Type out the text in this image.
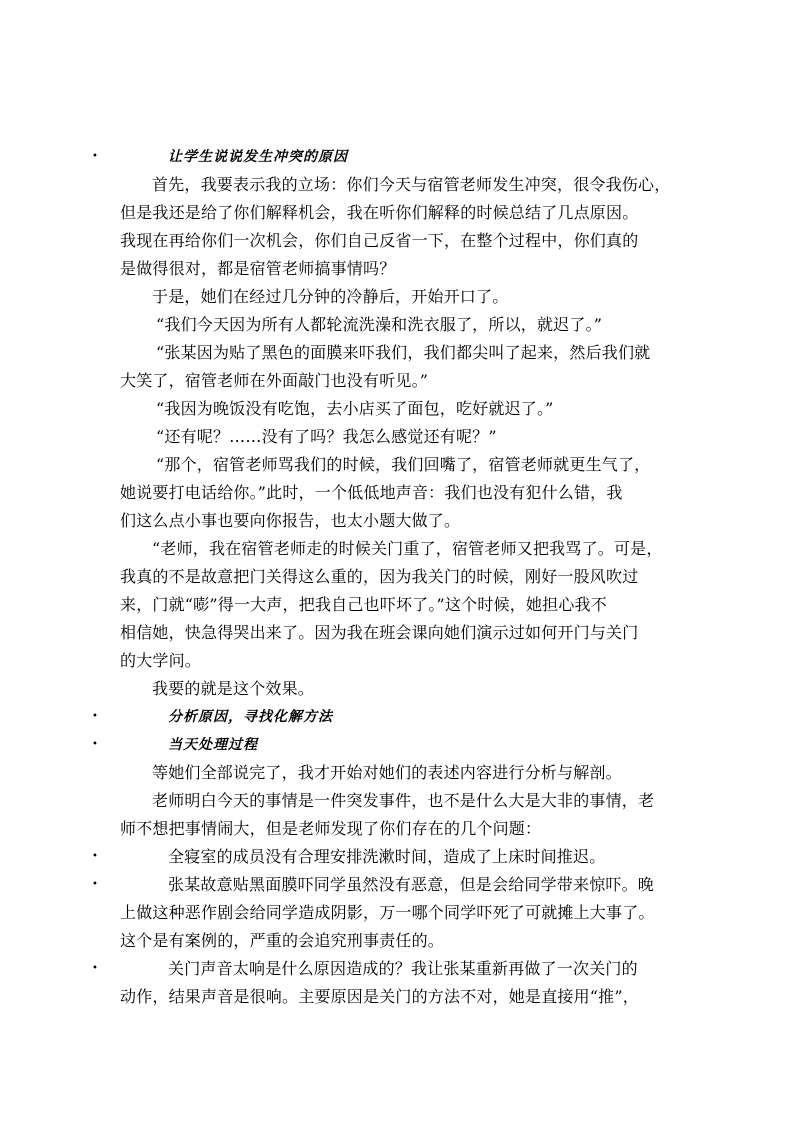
让学生说说发生冲突的原因
•
首先，我要表示我的立场：你们今天与宿管老师发生冲突，很令我伤心，
但是我还是给了你们解释机会，我在听你们解释的时候总结了几点原因。
我现在再给你们一次机会，你们自己反省一下，在整个过程中，你们真的
是做得很对，都是宿管老师搞事情吗？
于是，她们在经过几分钟的冷静后，开始开口了。
“我们今天因为所有人都轮流洗澡和洗衣服了，所以，就迟了。”
“张某因为贴了黑色的面膜来吓我们，我们都尖叫了起来，然后我们就
大笑了，宿管老师在外面敲门也没有听见。”
“我因为晚饭没有吃饱，去小店买了面包，吃好就迟了。”
“还有呢？……没有了吗？我怎么感觉还有呢？”
“那个，宿管老师骂我们的时候，我们回嘴了，宿管老师就更生气了，
她说要打电话给你。”此时，一个低低地声音：我们也没有犯什么错，我
们这么点小事也要向你报告，也太小题大做了。
“老师，我在宿管老师走的时候关门重了，宿管老师又把我骂了。可是，
我真的不是故意把门关得这么重的，因为我关门的时候，刚好一股风吹过
来，门就“嘭”得一大声，把我自己也吓坏了。”这个时候，她担心我不
相信她，快急得哭出来了。因为我在班会课向她们演示过如何开门与关门
的大学问。
我要的就是这个效果。
分析原因，寻找化解方法
•
当天处理过程
•
等她们全部说完了，我才开始对她们的表述内容进行分析与解剖。
老师明白今天的事情是一件突发事件，也不是什么大是大非的事情，老
师不想把事情闹大，但是老师发现了你们存在的几个问题：
全寝室的成员没有合理安排洗漱时间，造成了上床时间推迟。
•
张某故意贴黑面膜吓同学虽然没有恶意，但是会给同学带来惊吓。晚
•
上做这种恶作剧会给同学造成阴影，万一哪个同学吓死了可就摊上大事了。
这个是有案例的，严重的会追究刑事责任的。
关门声音太响是什么原因造成的？我让张某重新再做了一次关门的
•
动作，结果声音是很响。主要原因是关门的方法不对，她是直接用“推”，
